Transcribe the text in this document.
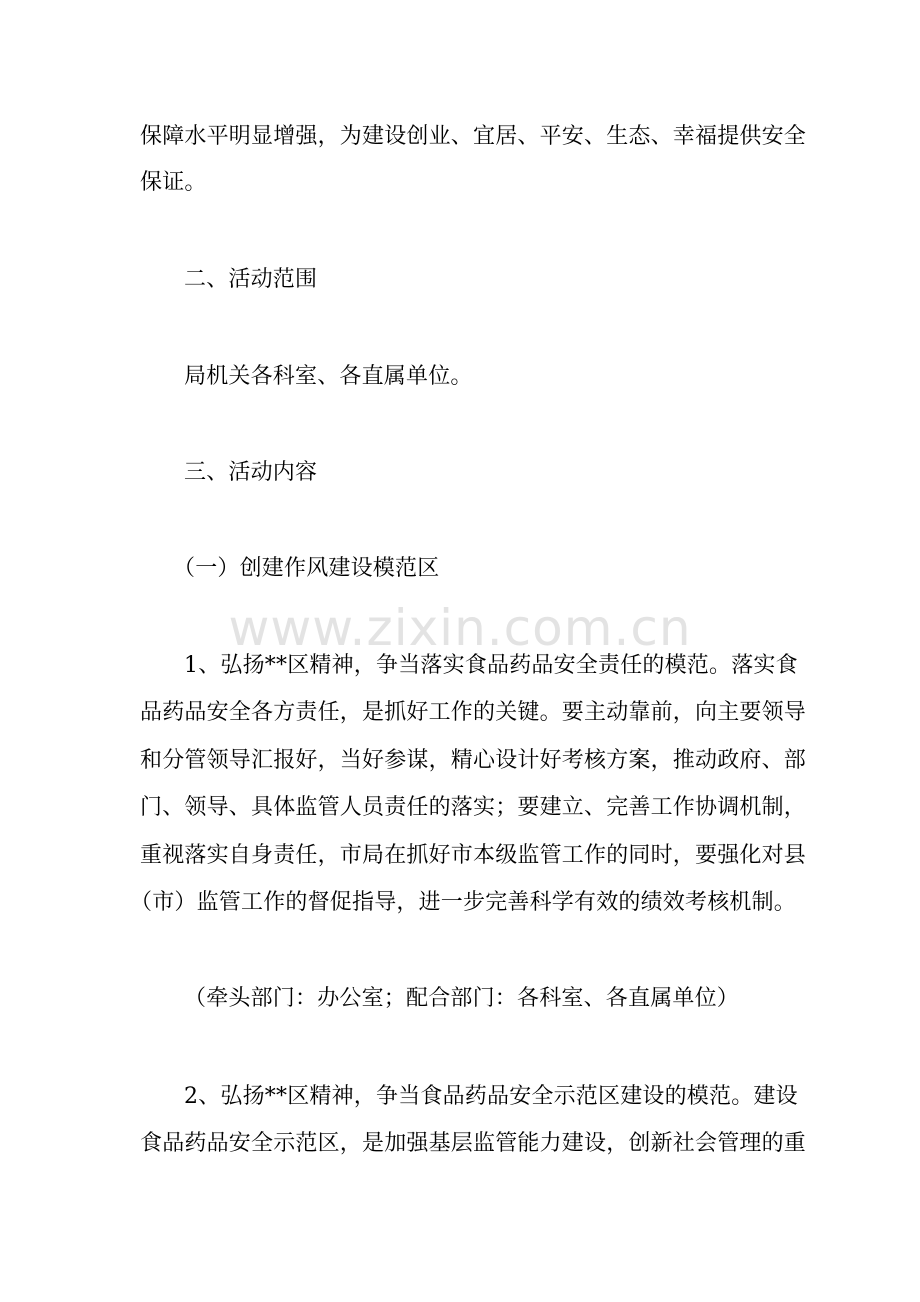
保障水平明显增强，为建设创业、宜居、平安、生态、幸福提供安全
保证。
二、活动范围
局机关各科室、各直属单位。
三、活动内容
（一）创建作风建设模范区
1、弘扬**区精神，争当落实食品药品安全责任的模范。落实食
品药品安全各方责任，是抓好工作的关键。要主动靠前，向主要领导
和分管领导汇报好，当好参谋，精心设计好考核方案，推动政府、部
门、领导、具体监管人员责任的落实；要建立、完善工作协调机制，
重视落实自身责任，市局在抓好市本级监管工作的同时，要强化对县
（市）监管工作的督促指导，进一步完善科学有效的绩效考核机制。
（牵头部门：办公室；配合部门：各科室、各直属单位）
2、弘扬**区精神，争当食品药品安全示范区建设的模范。建设
食品药品安全示范区，是加强基层监管能力建设，创新社会管理的重
www.zixin.com.cn
